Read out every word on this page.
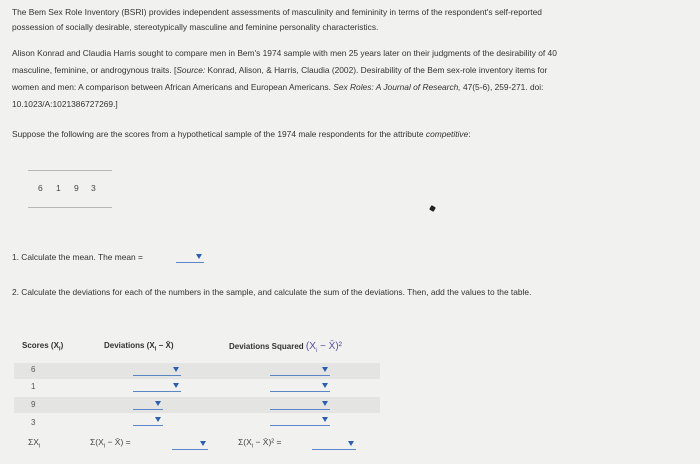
The Bem Sex Role Inventory (BSRI) provides independent assessments of masculinity and femininity in terms of the respondent's self-reported
possession of socially desirable, stereotypically masculine and feminine personality characteristics.
Alison Konrad and Claudia Harris sought to compare men in Bem's 1974 sample with men 25 years later on their judgments of the desirability of 40
masculine, feminine, or androgynous traits. [Source: Konrad, Alison, & Harris, Claudia (2002). Desirability of the Bem sex-role inventory items for
women and men: A comparison between African Americans and European Americans. Sex Roles: A Journal of Research, 47(5-6), 259-271. doi:
10.1023/A:1021386727269.]
Suppose the following are the scores from a hypothetical sample of the 1974 male respondents for the attribute competitive:
6 1 9 3
1. Calculate the mean. The mean =
2. Calculate the deviations for each of the numbers in the sample, and calculate the sum of the deviations. Then, add the values to the table.
Scores $(X_i)$	Deviations ($X_i$ − X̄)	Deviations Squared ($X_i$ − X̄)²
6
1
9
3
$\Sigma X_i$	$\Sigma(X_i$ − X̄) =	$\Sigma(X_i$ − X̄)² =
